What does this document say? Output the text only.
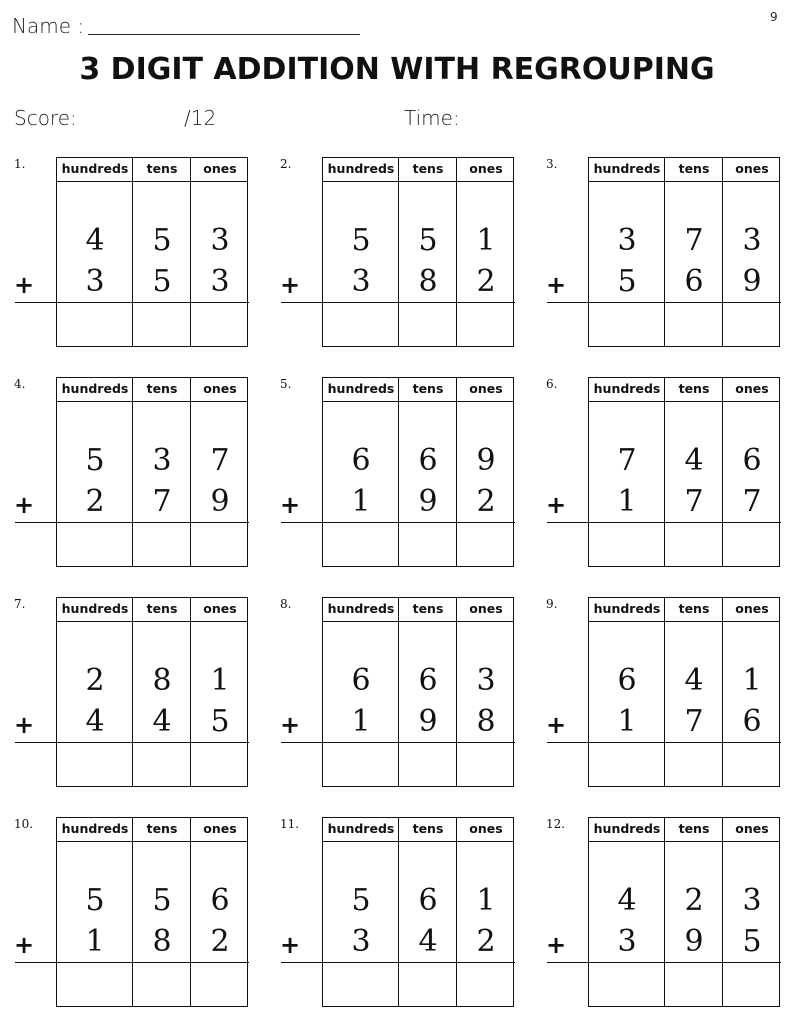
9
Name :
3 DIGIT ADDITION WITH REGROUPING
Score:	/12	Time:
1.
+
hundreds
4
3
tens
5
5
ones
3
3
2.
+
hundreds
5
3
tens
5
8
ones
1
2
3.
+
hundreds
3
5
tens
7
6
ones
3
9
4.
+
hundreds
5
2
tens
3
7
ones
7
9
5.
+
hundreds
6
1
tens
6
9
ones
9
2
6.
+
hundreds
7
1
tens
4
7
ones
6
7
7.
+
hundreds
2
4
tens
8
4
ones
1
5
8.
+
hundreds
6
1
tens
6
9
ones
3
8
9.
+
hundreds
6
1
tens
4
7
ones
1
6
10.
+
hundreds
5
1
tens
5
8
ones
6
2
11.
+
hundreds
5
3
tens
6
4
ones
1
2
12.
+
hundreds
4
3
tens
2
9
ones
3
5
